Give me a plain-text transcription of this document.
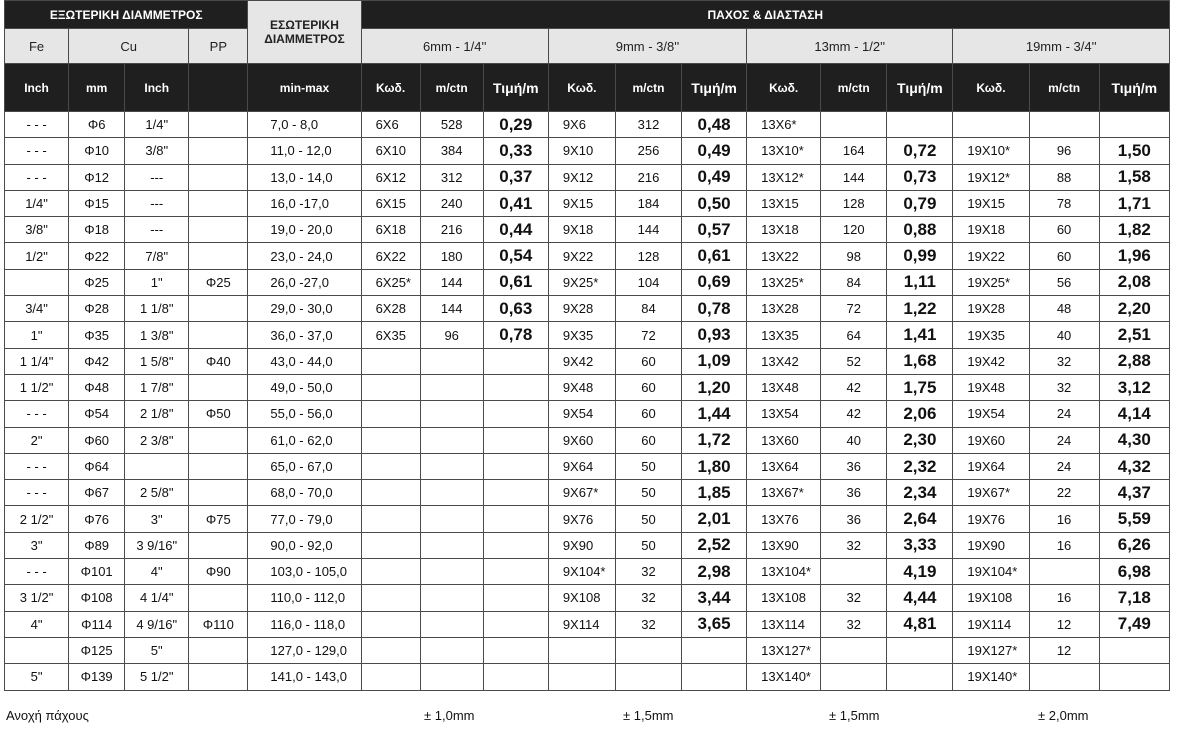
ΕΞΩΤΕΡΙΚΗ ΔΙΑΜΜΕΤΡΟΣ				ΕΣΩΤΕΡΙΚΗ
ΔΙΑΜΜΕΤΡΟΣ	ΠΑΧΟΣ & ΔΙΑΣΤΑΣΗ											
Fe	Cu		PP		6mm - 1/4''			9mm - 3/8''			13mm - 1/2''			19mm - 3/4''		
Inch	mm	Inch		min-max	Κωδ.	m/ctn	Τιμή/m	Κωδ.	m/ctn	Τιμή/m	Κωδ.	m/ctn	Τιμή/m	Κωδ.	m/ctn	Τιμή/m
- - -	Φ6	1/4"		7,0 - 8,0	6X6	528	0,29	9X6	312	0,48	13X6*					
- - -	Φ10	3/8"		11,0 - 12,0	6X10	384	0,33	9X10	256	0,49	13X10*	164	0,72	19X10*	96	1,50
- - -	Φ12	---		13,0 - 14,0	6X12	312	0,37	9X12	216	0,49	13X12*	144	0,73	19X12*	88	1,58
1/4"	Φ15	---		16,0 -17,0	6X15	240	0,41	9X15	184	0,50	13X15	128	0,79	19X15	78	1,71
3/8"	Φ18	---		19,0 - 20,0	6X18	216	0,44	9X18	144	0,57	13X18	120	0,88	19X18	60	1,82
1/2"	Φ22	7/8"		23,0 - 24,0	6X22	180	0,54	9X22	128	0,61	13X22	98	0,99	19X22	60	1,96
	Φ25	1"	Φ25	26,0 -27,0	6X25*	144	0,61	9X25*	104	0,69	13X25*	84	1,11	19X25*	56	2,08
3/4"	Φ28	1 1/8"		29,0 - 30,0	6X28	144	0,63	9X28	84	0,78	13X28	72	1,22	19X28	48	2,20
1"	Φ35	1 3/8"		36,0 - 37,0	6X35	96	0,78	9X35	72	0,93	13X35	64	1,41	19X35	40	2,51
1 1/4"	Φ42	1 5/8"	Φ40	43,0 - 44,0				9X42	60	1,09	13X42	52	1,68	19X42	32	2,88
1 1/2"	Φ48	1 7/8"		49,0 - 50,0				9X48	60	1,20	13X48	42	1,75	19X48	32	3,12
- - -	Φ54	2 1/8"	Φ50	55,0 - 56,0				9X54	60	1,44	13X54	42	2,06	19X54	24	4,14
2"	Φ60	2 3/8"		61,0 - 62,0				9X60	60	1,72	13X60	40	2,30	19X60	24	4,30
- - -	Φ64			65,0 - 67,0				9X64	50	1,80	13X64	36	2,32	19X64	24	4,32
- - -	Φ67	2 5/8"		68,0 - 70,0				9X67*	50	1,85	13X67*	36	2,34	19X67*	22	4,37
2 1/2"	Φ76	3"	Φ75	77,0 - 79,0				9X76	50	2,01	13X76	36	2,64	19X76	16	5,59
3"	Φ89	3 9/16"		90,0 - 92,0				9X90	50	2,52	13X90	32	3,33	19X90	16	6,26
- - -	Φ101	4"	Φ90	103,0 - 105,0				9X104*	32	2,98	13X104*		4,19	19X104*		6,98
3 1/2"	Φ108	4 1/4"		110,0 - 112,0				9X108	32	3,44	13X108	32	4,44	19X108	16	7,18
4"	Φ114	4 9/16"	Φ110	116,0 - 118,0				9X114	32	3,65	13X114	32	4,81	19X114	12	7,49
	Φ125	5"		127,0 - 129,0							13X127*			19X127*	12	
5"	Φ139	5 1/2"		141,0 - 143,0							13X140*			19X140*		
Ανοχή πάχους	± 1,0mm	± 1,5mm	± 1,5mm	± 2,0mm
